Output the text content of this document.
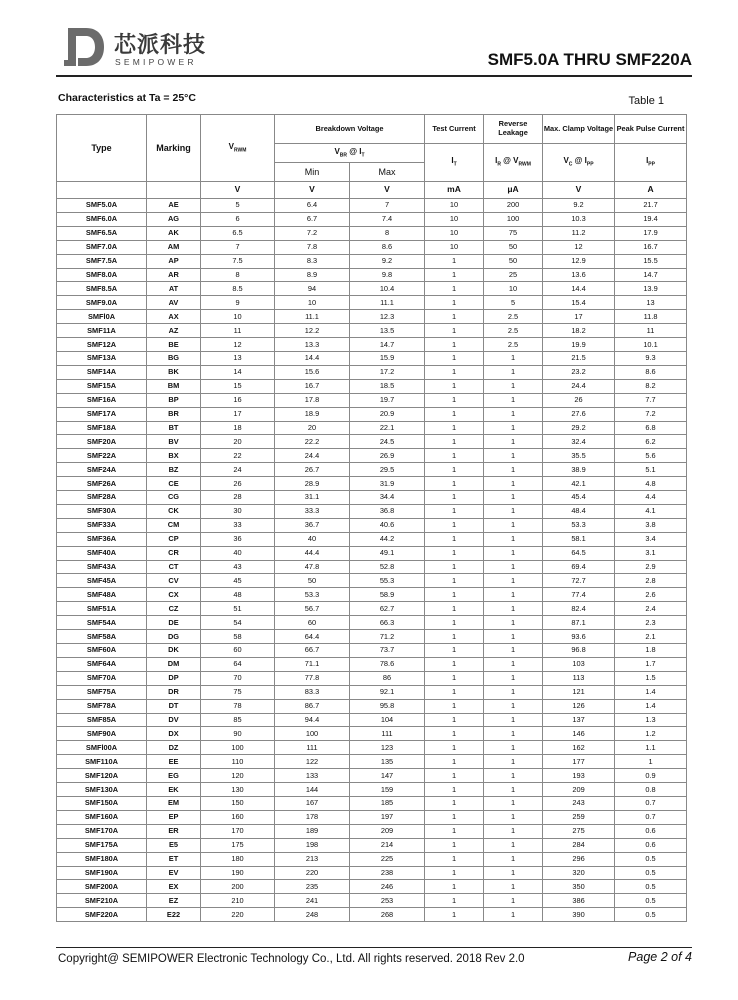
芯派科技
SEMIPOWER	SMF5.0A THRU SMF220A
Characteristics at Ta = 25°C	Table 1
Type	Marking	$V_{RWM}$	Breakdown Voltage		Test Current	Reverse Leakage	Max. Clamp Voltage	Peak Pulse Current
			$V_{BR}$ @ $I_T$		$I_T$	$I_R$ @ $V_{RWM}$	$V_C$ @ $I_{PP}$	$I_{PP}$
			Min	Max				
		V	V	V	mA	μA	V	A
SMF5.0A	AE	5	6.4	7	10	200	9.2	21.7
SMF6.0A	AG	6	6.7	7.4	10	100	10.3	19.4
SMF6.5A	AK	6.5	7.2	8	10	75	11.2	17.9
SMF7.0A	AM	7	7.8	8.6	10	50	12	16.7
SMF7.5A	AP	7.5	8.3	9.2	1	50	12.9	15.5
SMF8.0A	AR	8	8.9	9.8	1	25	13.6	14.7
SMF8.5A	AT	8.5	94	10.4	1	10	14.4	13.9
SMF9.0A	AV	9	10	11.1	1	5	15.4	13
SMFl0A	AX	10	11.1	12.3	1	2.5	17	11.8
SMF11A	AZ	11	12.2	13.5	1	2.5	18.2	11
SMF12A	BE	12	13.3	14.7	1	2.5	19.9	10.1
SMF13A	BG	13	14.4	15.9	1	1	21.5	9.3
SMF14A	BK	14	15.6	17.2	1	1	23.2	8.6
SMF15A	BM	15	16.7	18.5	1	1	24.4	8.2
SMF16A	BP	16	17.8	19.7	1	1	26	7.7
SMF17A	BR	17	18.9	20.9	1	1	27.6	7.2
SMF18A	BT	18	20	22.1	1	1	29.2	6.8
SMF20A	BV	20	22.2	24.5	1	1	32.4	6.2
SMF22A	BX	22	24.4	26.9	1	1	35.5	5.6
SMF24A	BZ	24	26.7	29.5	1	1	38.9	5.1
SMF26A	CE	26	28.9	31.9	1	1	42.1	4.8
SMF28A	CG	28	31.1	34.4	1	1	45.4	4.4
SMF30A	CK	30	33.3	36.8	1	1	48.4	4.1
SMF33A	CM	33	36.7	40.6	1	1	53.3	3.8
SMF36A	CP	36	40	44.2	1	1	58.1	3.4
SMF40A	CR	40	44.4	49.1	1	1	64.5	3.1
SMF43A	CT	43	47.8	52.8	1	1	69.4	2.9
SMF45A	CV	45	50	55.3	1	1	72.7	2.8
SMF48A	CX	48	53.3	58.9	1	1	77.4	2.6
SMF51A	CZ	51	56.7	62.7	1	1	82.4	2.4
SMF54A	DE	54	60	66.3	1	1	87.1	2.3
SMF58A	DG	58	64.4	71.2	1	1	93.6	2.1
SMF60A	DK	60	66.7	73.7	1	1	96.8	1.8
SMF64A	DM	64	71.1	78.6	1	1	103	1.7
SMF70A	DP	70	77.8	86	1	1	113	1.5
SMF75A	DR	75	83.3	92.1	1	1	121	1.4
SMF78A	DT	78	86.7	95.8	1	1	126	1.4
SMF85A	DV	85	94.4	104	1	1	137	1.3
SMF90A	DX	90	100	111	1	1	146	1.2
SMFl00A	DZ	100	111	123	1	1	162	1.1
SMF110A	EE	110	122	135	1	1	177	1
SMF120A	EG	120	133	147	1	1	193	0.9
SMF130A	EK	130	144	159	1	1	209	0.8
SMF150A	EM	150	167	185	1	1	243	0.7
SMF160A	EP	160	178	197	1	1	259	0.7
SMF170A	ER	170	189	209	1	1	275	0.6
SMF175A	E5	175	198	214	1	1	284	0.6
SMF180A	ET	180	213	225	1	1	296	0.5
SMF190A	EV	190	220	238	1	1	320	0.5
SMF200A	EX	200	235	246	1	1	350	0.5
SMF210A	EZ	210	241	253	1	1	386	0.5
SMF220A	E22	220	248	268	1	1	390	0.5
Copyright@ SEMIPOWER Electronic Technology Co., Ltd. All rights reserved. 2018 Rev 2.0	Page 2 of 4
